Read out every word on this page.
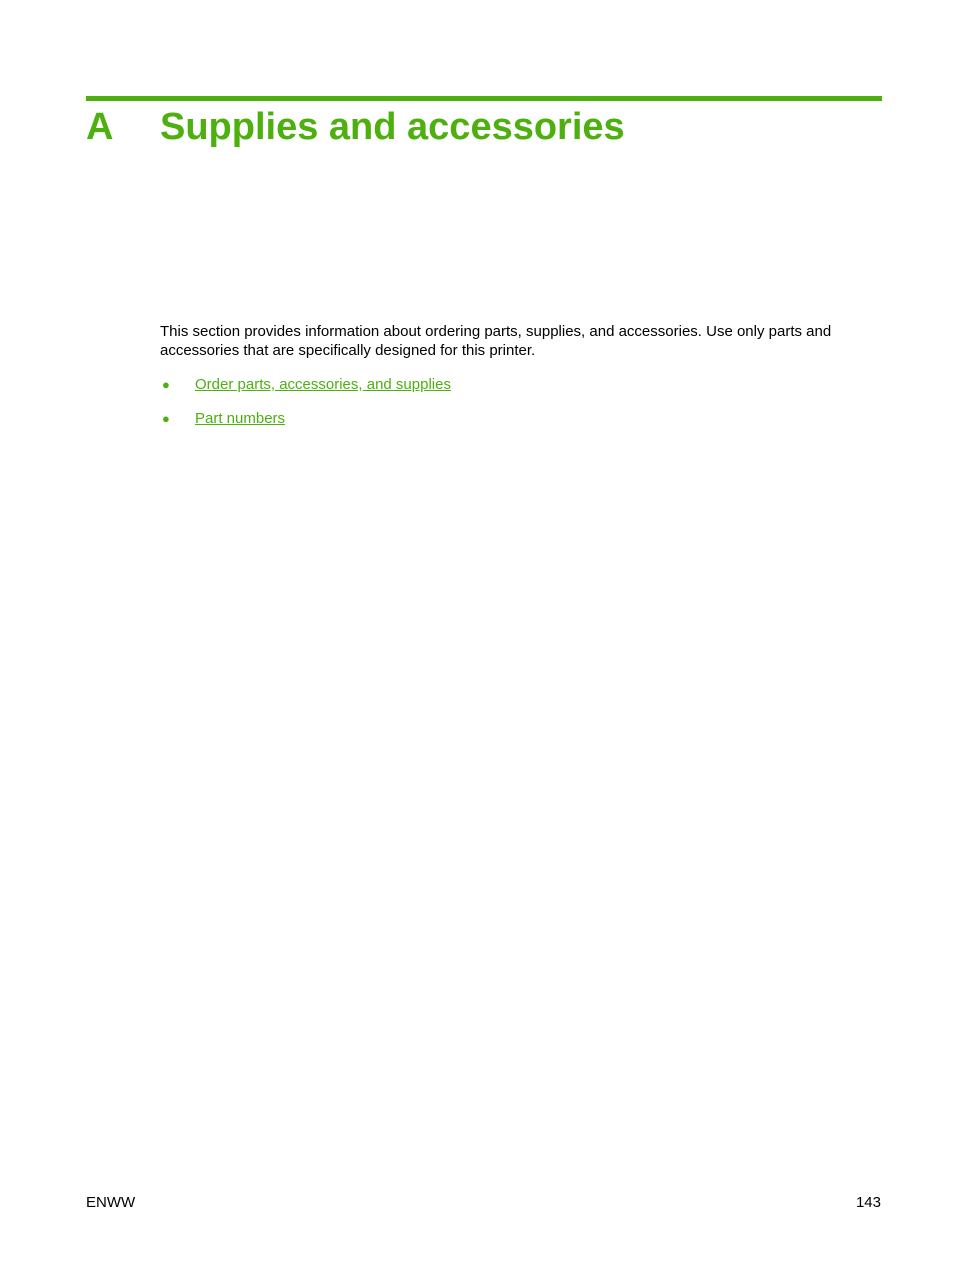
A Supplies and accessories

This section provides information about ordering parts, supplies, and accessories. Use only parts and accessories that are specifically designed for this printer.

● Order parts, accessories, and supplies
● Part numbers
ENWW	143
